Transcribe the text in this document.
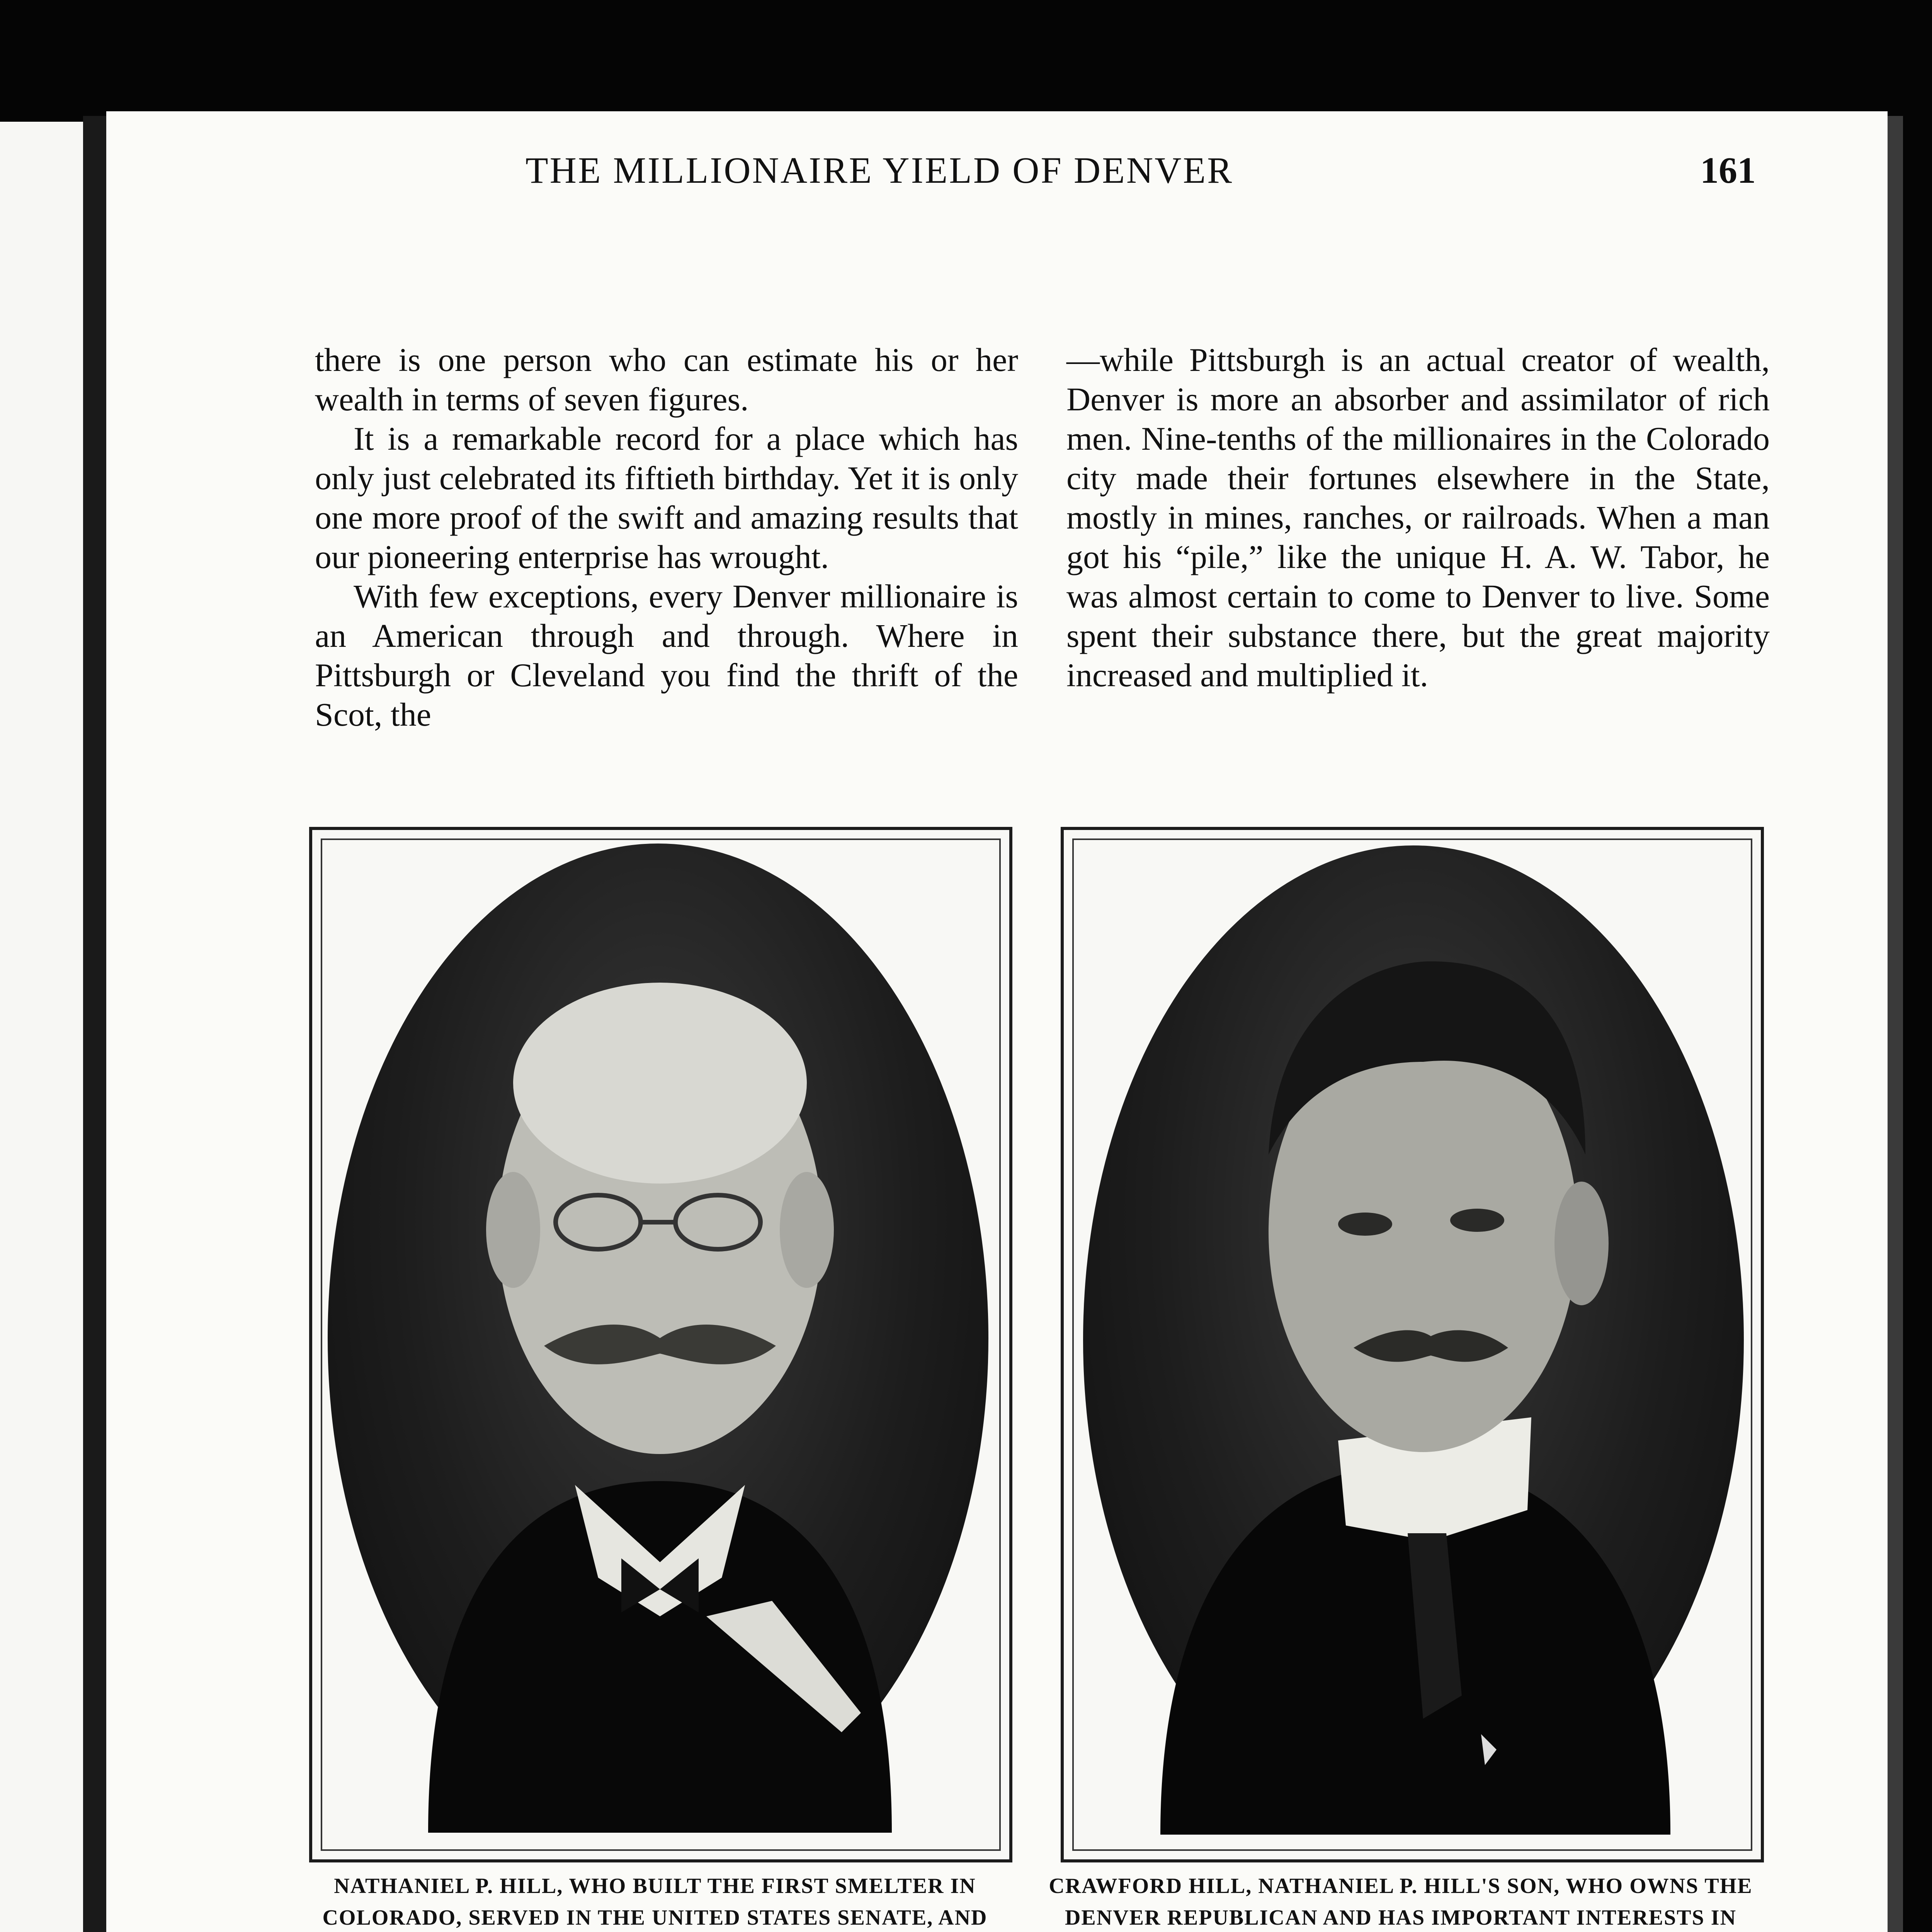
THE MILLIONAIRE YIELD OF DENVER	161

there is one person who can estimate his or her wealth in terms of seven figures.

It is a remarkable record for a place which has only just celebrated its fiftieth birthday. Yet it is only one more proof of the swift and amazing results that our pioneering enterprise has wrought.

With few exceptions, every Denver millionaire is an American through and through. Where in Pittsburgh or Cleveland you find the thrift of the Scot, the

—while Pittsburgh is an actual creator of wealth, Denver is more an absorber and assimilator of rich men. Nine-tenths of the millionaires in the Colorado city made their fortunes elsewhere in the State, mostly in mines, ranches, or railroads. When a man got his “pile,” like the unique H. A. W. Tabor, he was almost certain to come to Denver to live. Some spent their substance there, but the great majority increased and multiplied it.

NATHANIEL P. HILL, WHO BUILT THE FIRST SMELTER IN COLORADO, SERVED IN THE UNITED STATES SENATE, AND
CRAWFORD HILL, NATHANIEL P. HILL'S SON, WHO OWNS THE DENVER REPUBLICAN AND HAS IMPORTANT INTERESTS IN
